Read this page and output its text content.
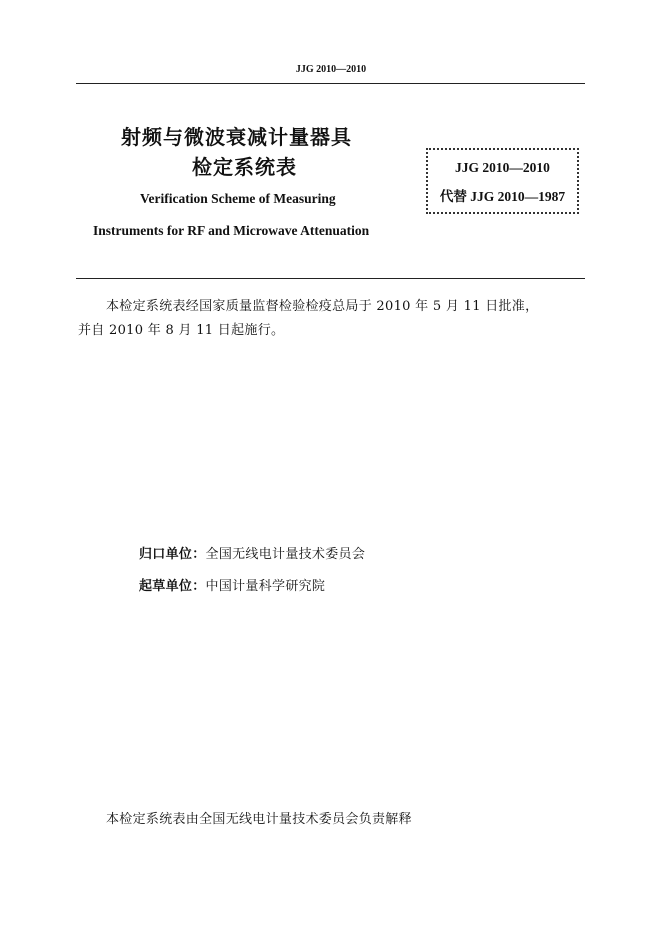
JJG 2010—2010
射频与微波衰减计量器具
检定系统表
Verification Scheme of Measuring
Instruments for RF and Microwave Attenuation
JJG 2010—2010
代替 JJG 2010—1987
本检定系统表经国家质量监督检验检疫总局于 2010 年 5 月 11 日批准，
并自 2010 年 8 月 11 日起施行。
归口单位：全国无线电计量技术委员会
起草单位：中国计量科学研究院
本检定系统表由全国无线电计量技术委员会负责解释
